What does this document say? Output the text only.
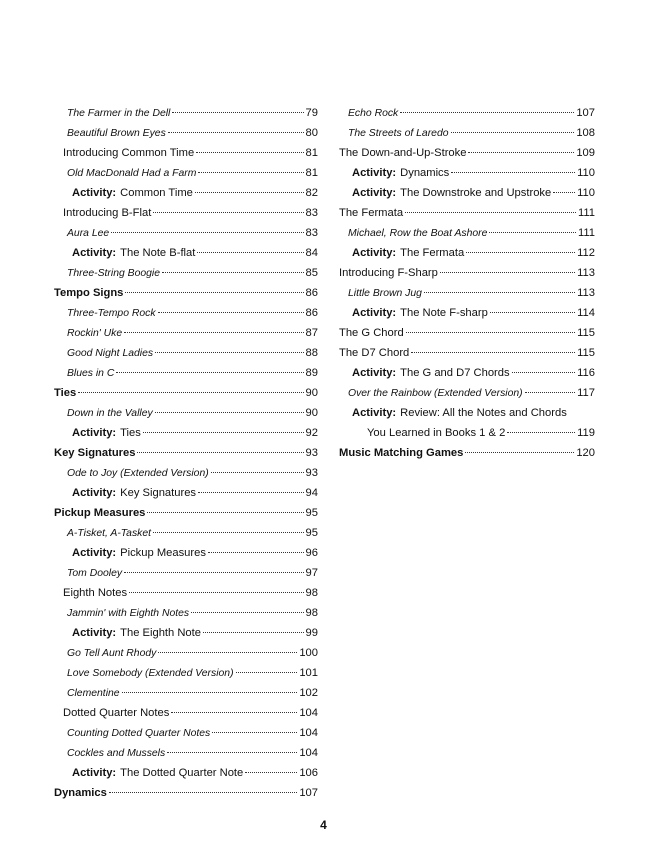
The Farmer in the Dell	79
Beautiful Brown Eyes	80
Introducing Common Time	81
Old MacDonald Had a Farm	81
Activity: Common Time	82
Introducing B-Flat	83
Aura Lee	83
Activity: The Note B-flat	84
Three-String Boogie	85
Tempo Signs	86
Three-Tempo Rock	86
Rockin' Uke	87
Good Night Ladies	88
Blues in C	89
Ties	90
Down in the Valley	90
Activity: Ties	92
Key Signatures	93
Ode to Joy (Extended Version)	93
Activity: Key Signatures	94
Pickup Measures	95
A-Tisket, A-Tasket	95
Activity: Pickup Measures	96
Tom Dooley	97
Eighth Notes	98
Jammin' with Eighth Notes	98
Activity: The Eighth Note	99
Go Tell Aunt Rhody	100
Love Somebody (Extended Version)	101
Clementine	102
Dotted Quarter Notes	104
Counting Dotted Quarter Notes	104
Cockles and Mussels	104
Activity: The Dotted Quarter Note	106
Dynamics	107
Echo Rock	107
The Streets of Laredo	108
The Down-and-Up-Stroke	109
Activity: Dynamics	110
Activity: The Downstroke and Upstroke 110
The Fermata	111
Michael, Row the Boat Ashore	111
Activity: The Fermata	112
Introducing F-Sharp	113
Little Brown Jug	113
Activity: The Note F-sharp	114
The G Chord	115
The D7 Chord	115
Activity: The G and D7 Chords	116
Over the Rainbow (Extended Version)	117
Activity: Review: All the Notes and Chords
You Learned in Books 1 & 2	119
Music Matching Games	120
4
